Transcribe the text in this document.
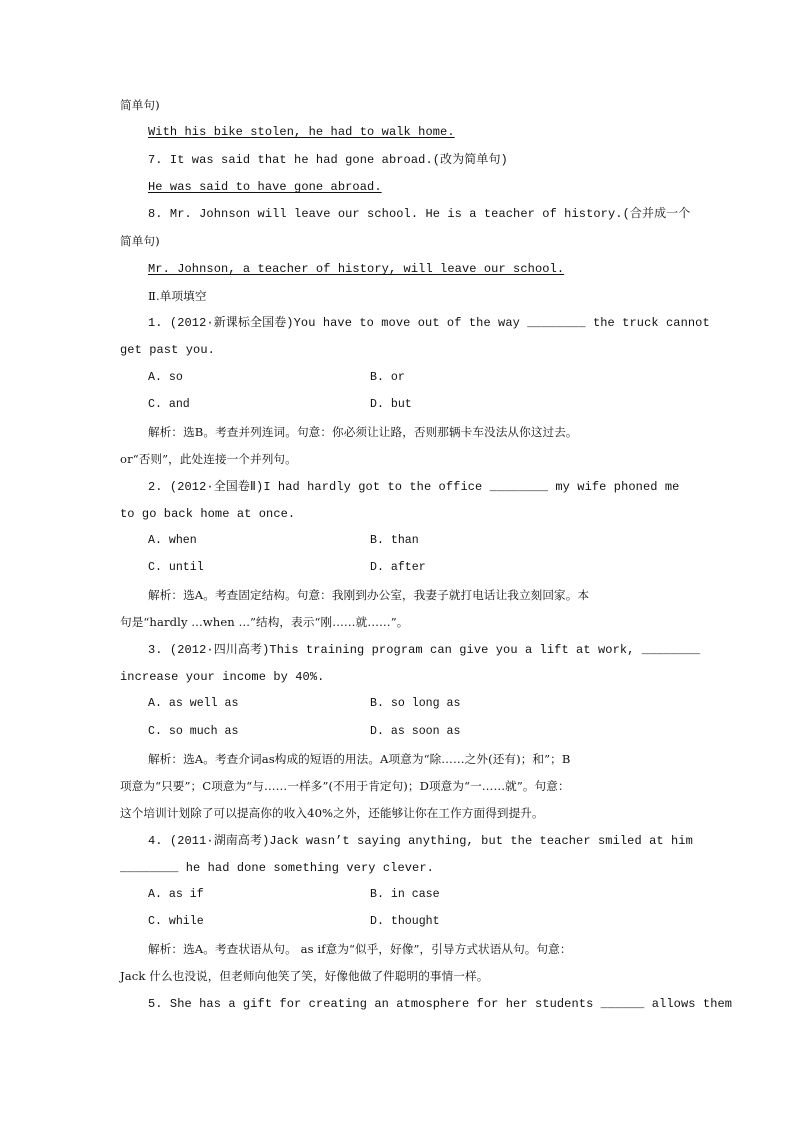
简单句)
With his bike stolen, he had to walk home.
7. It was said that he had gone abroad.(改为简单句)
He was said to have gone abroad.
8. Mr. Johnson will leave our school. He is a teacher of history.(合并成一个
简单句)
Mr. Johnson, a teacher of history, will leave our school.
Ⅱ.单项填空
1. (2012·新课标全国卷)You have to move out of the way ________ the truck cannot
get past you.
A. so	B. or
C. and	D. but
解析：选B。考查并列连词。句意：你必须让让路，否则那辆卡车没法从你这过去。
or“否则”，此处连接一个并列句。
2. (2012·全国卷Ⅱ)I had hardly got to the office ________ my wife phoned me
to go back home at once.
A. when	B. than
C. until	D. after
解析：选A。考查固定结构。句意：我刚到办公室，我妻子就打电话让我立刻回家。本
句是“hardly ...when ...”结构，表示“刚……就……”。
3. (2012·四川高考)This training program can give you a lift at work, ________
increase your income by 40%.
A. as well as	B. so long as
C. so much as	D. as soon as
解析：选A。考查介词as构成的短语的用法。A项意为“除……之外(还有)；和”；B
项意为“只要”；C项意为“与……一样多”(不用于肯定句)；D项意为“一……就”。句意：
这个培训计划除了可以提高你的收入40%之外，还能够让你在工作方面得到提升。
4. (2011·湖南高考)Jack wasn’t saying anything, but the teacher smiled at him
________ he had done something very clever.
A. as if	B. in case
C. while	D. thought
解析：选A。考查状语从句。 as if意为“似乎，好像”，引导方式状语从句。句意：
Jack 什么也没说，但老师向他笑了笑，好像他做了件聪明的事情一样。
5. She has a gift for creating an atmosphere for her students ______ allows them
